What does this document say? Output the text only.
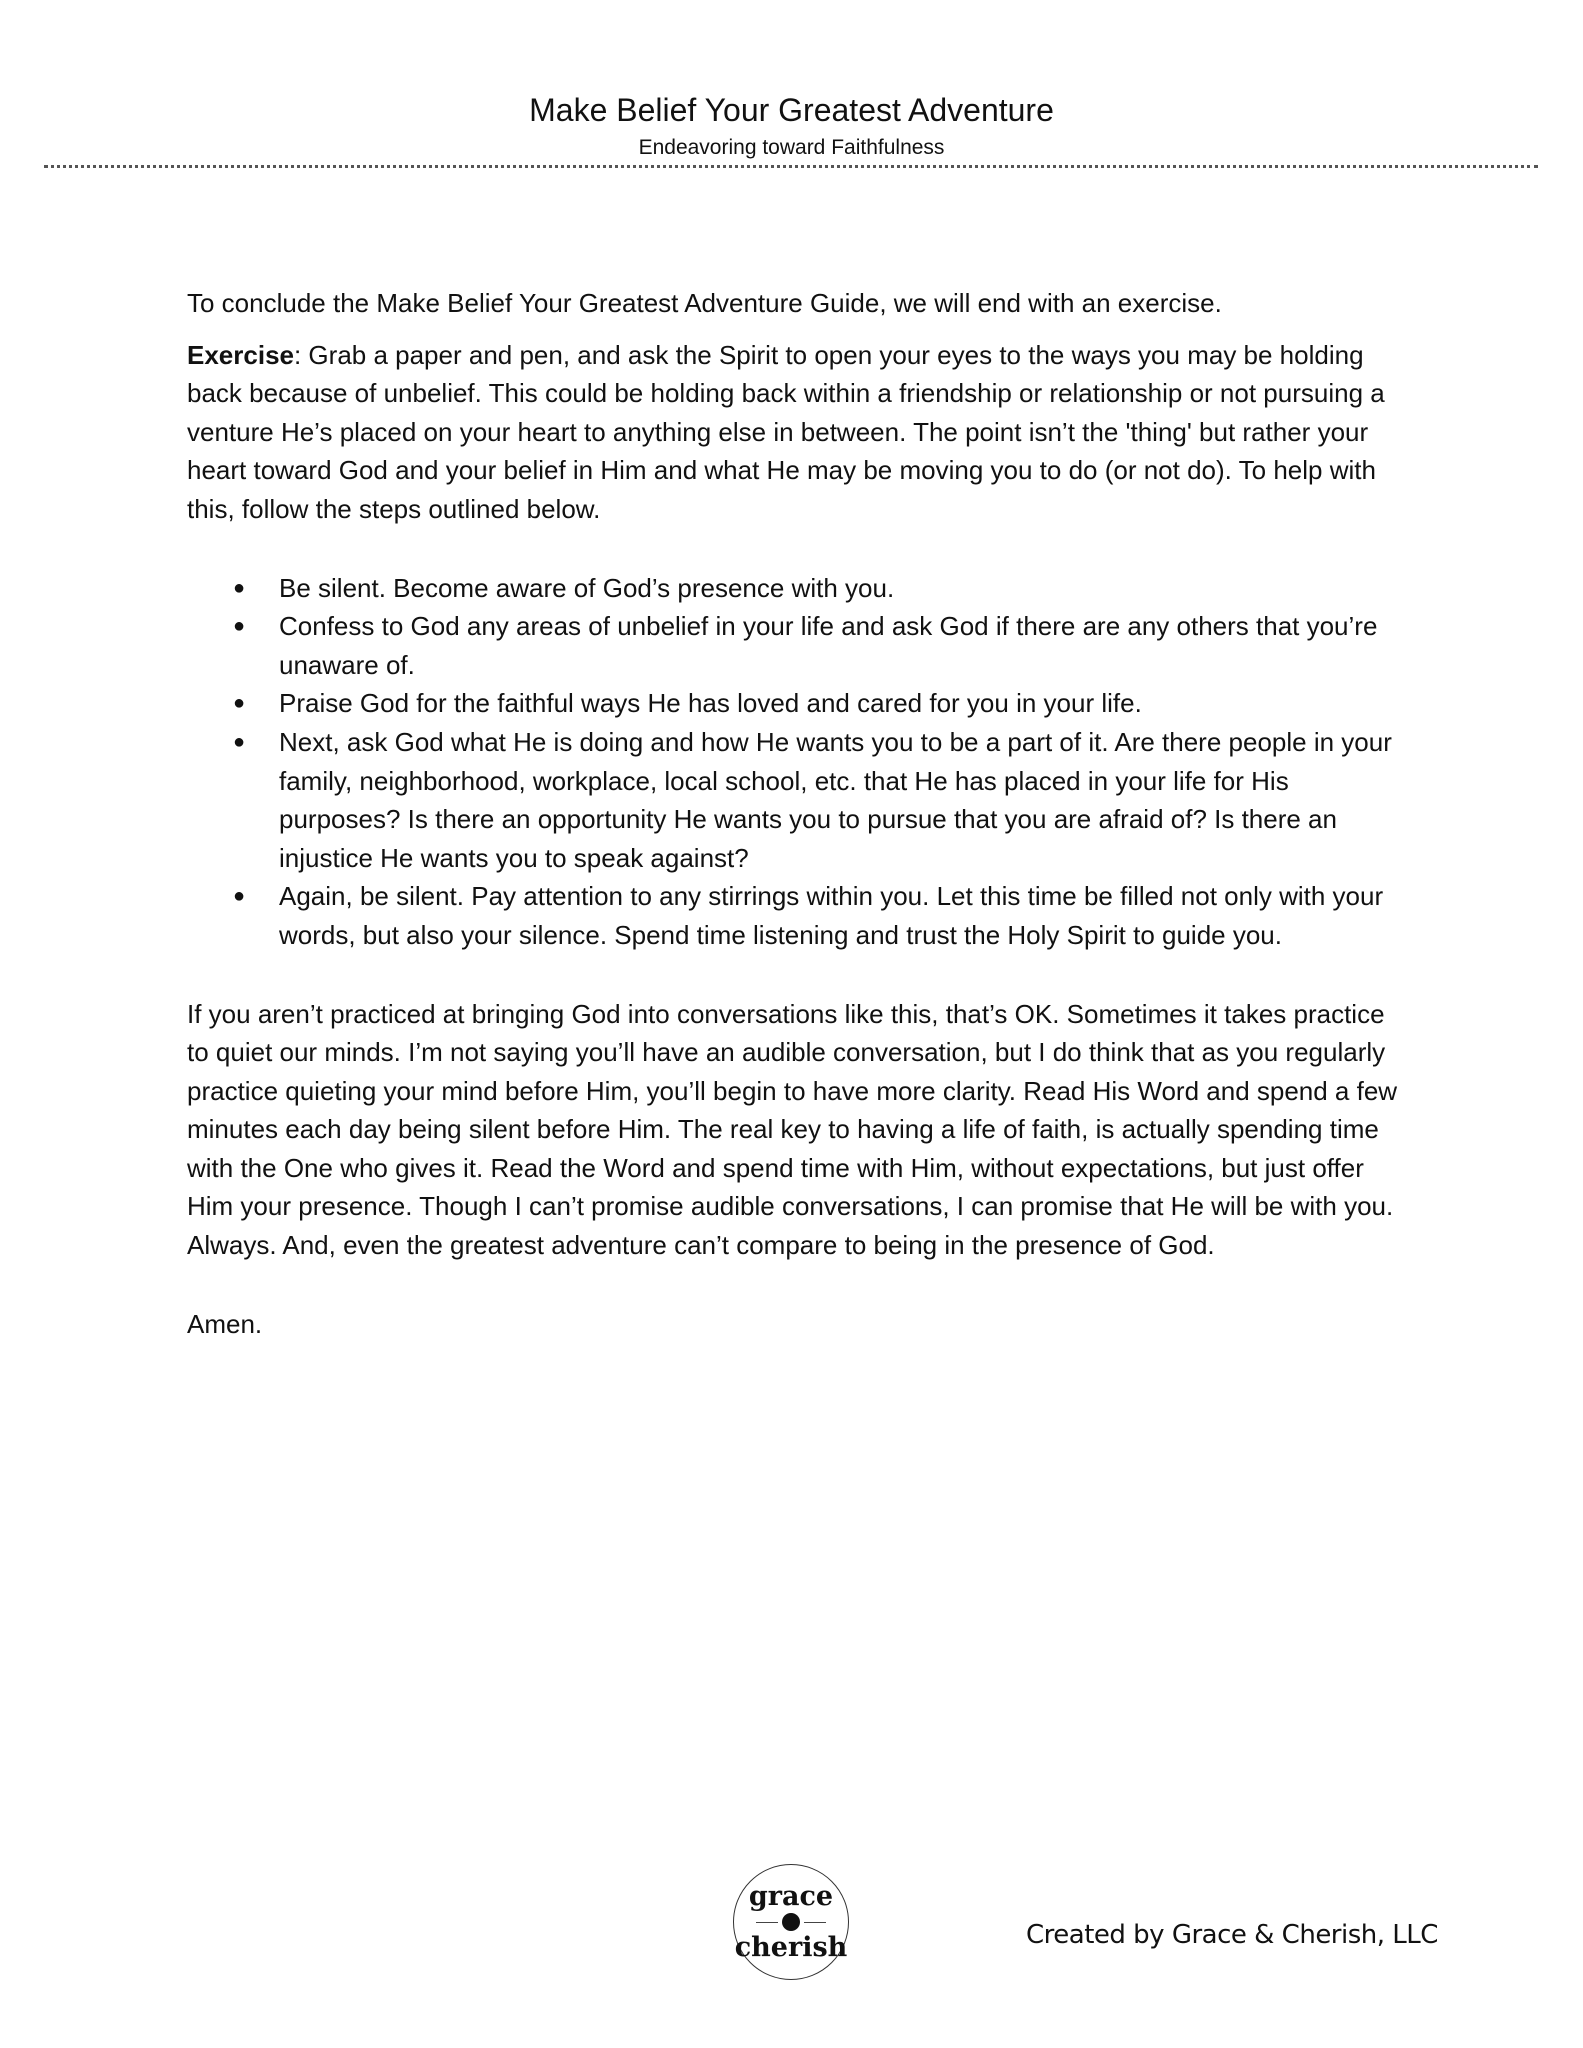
Make Belief Your Greatest Adventure
Endeavoring toward Faithfulness

To conclude the Make Belief Your Greatest Adventure Guide, we will end with an exercise.

Exercise: Grab a paper and pen, and ask the Spirit to open your eyes to the ways you may be holding back because of unbelief. This could be holding back within a friendship or relationship or not pursuing a venture He’s placed on your heart to anything else in between. The point isn’t the 'thing' but rather your heart toward God and your belief in Him and what He may be moving you to do (or not do). To help with this, follow the steps outlined below.

● Be silent. Become aware of God’s presence with you.
● Confess to God any areas of unbelief in your life and ask God if there are any others that you’re unaware of.
● Praise God for the faithful ways He has loved and cared for you in your life.
● Next, ask God what He is doing and how He wants you to be a part of it. Are there people in your family, neighborhood, workplace, local school, etc. that He has placed in your life for His purposes? Is there an opportunity He wants you to pursue that you are afraid of? Is there an injustice He wants you to speak against?
● Again, be silent. Pay attention to any stirrings within you. Let this time be filled not only with your words, but also your silence. Spend time listening and trust the Holy Spirit to guide you.

If you aren’t practiced at bringing God into conversations like this, that’s OK. Sometimes it takes practice to quiet our minds. I’m not saying you’ll have an audible conversation, but I do think that as you regularly practice quieting your mind before Him, you’ll begin to have more clarity. Read His Word and spend a few minutes each day being silent before Him. The real key to having a life of faith, is actually spending time with the One who gives it. Read the Word and spend time with Him, without expectations, but just offer Him your presence. Though I can’t promise audible conversations, I can promise that He will be with you. Always. And, even the greatest adventure can’t compare to being in the presence of God.

Amen.

grace
cherish	Created by Grace & Cherish, LLC
